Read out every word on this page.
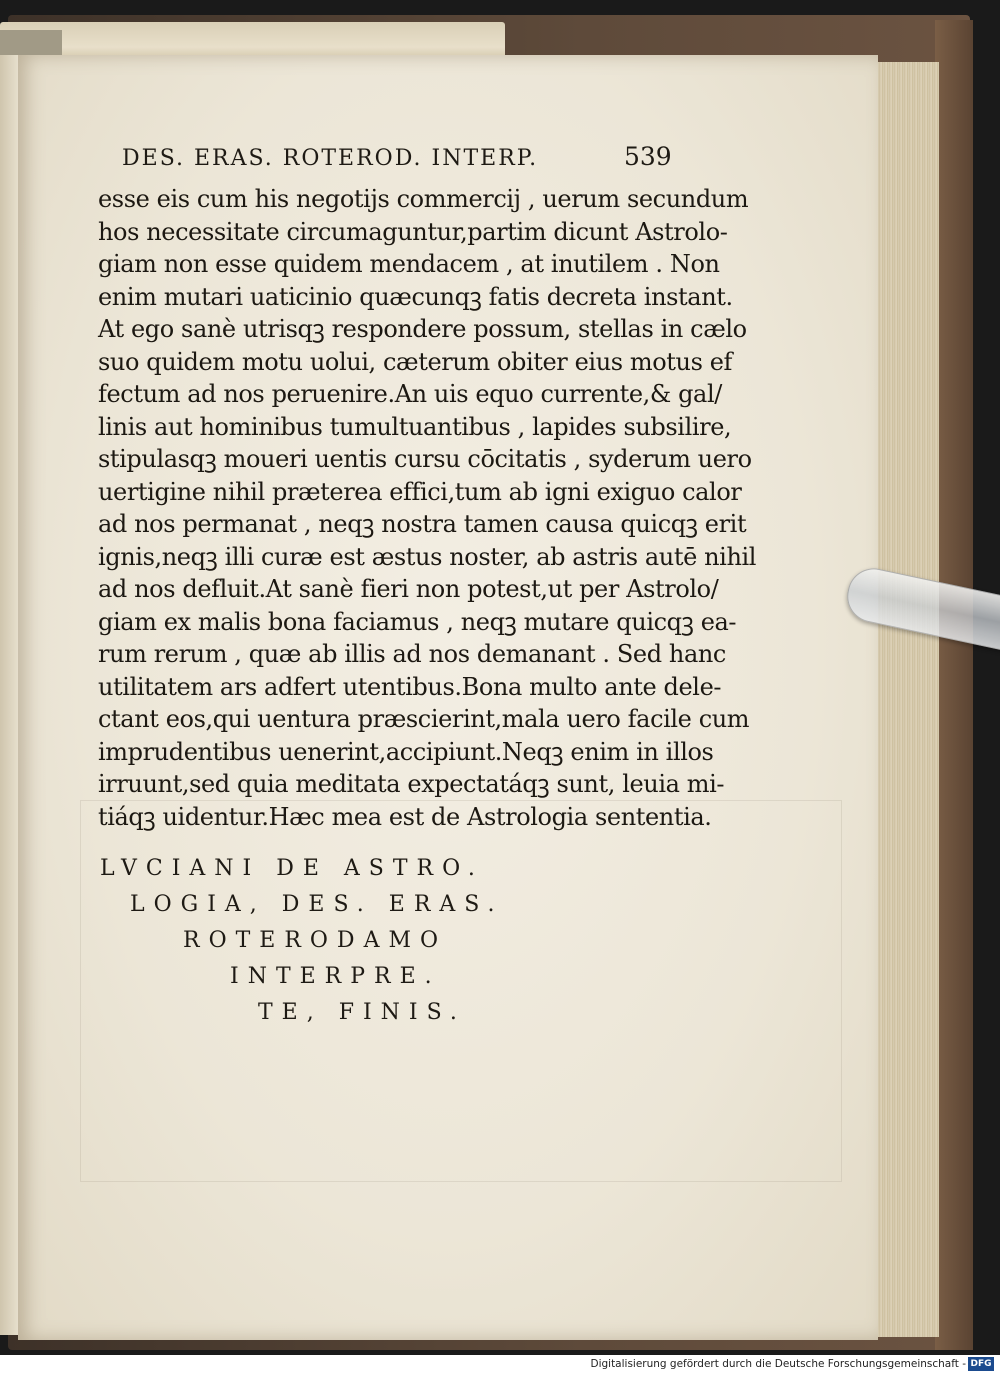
DES. ERAS. ROTEROD. INTERP.	539
esse eis cum his negotijs commercij , uerum secundum
hos necessitate circumaguntur,partim dicunt Astrolo-
giam non esse quidem mendacem , at inutilem . Non
enim mutari uaticinio quæcunqꝫ fatis decreta instant.
At ego sanè utrisqꝫ respondere possum, stellas in cælo
suo quidem motu uolui, cæterum obiter eius motus ef
fectum ad nos peruenire.An uis equo currente,& gal/
linis aut hominibus tumultuantibus , lapides subsilire,
stipulasqꝫ moueri uentis cursu cōcitatis , syderum uero
uertigine nihil præterea effici,tum ab igni exiguo calor
ad nos permanat , neqꝫ nostra tamen causa quicqꝫ erit
ignis,neqꝫ illi curæ est æstus noster, ab astris autē nihil
ad nos defluit.At sanè fieri non potest,ut per Astrolo/
giam ex malis bona faciamus , neqꝫ mutare quicqꝫ ea-
rum rerum , quæ ab illis ad nos demanant . Sed hanc
utilitatem ars adfert utentibus.Bona multo ante dele-
ctant eos,qui uentura præscierint,mala uero facile cum
imprudentibus uenerint,accipiunt.Neqꝫ enim in illos
irruunt,sed quia meditata expectatáqꝫ sunt, leuia mi-
tiáqꝫ uidentur.Hæc mea est de Astrologia sententia.
LVCIANI DE ASTRO.
LOGIA, DES. ERAS.
ROTERODAMO
INTERPRE.
TE, FINIS.
Digitalisierung gefördert durch die Deutsche Forschungsgemeinschaft - DFG
